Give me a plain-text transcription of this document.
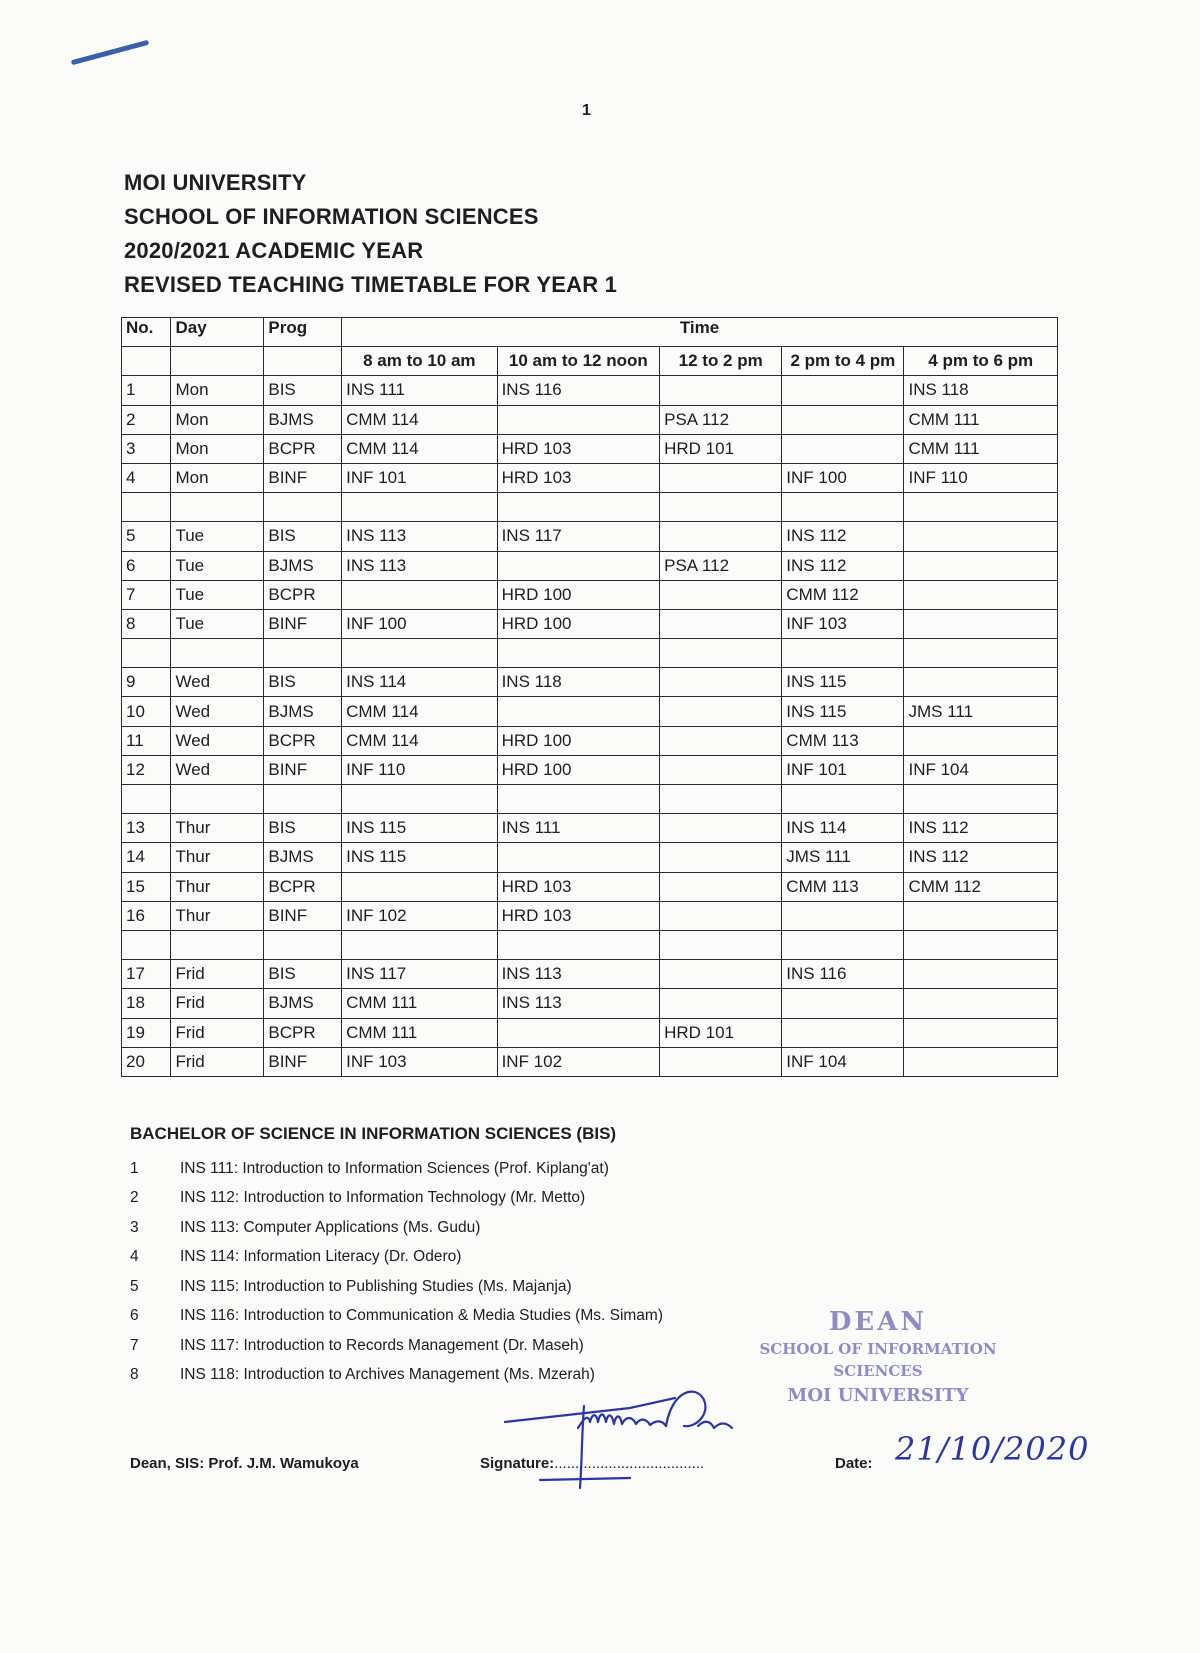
1
MOI UNIVERSITY
SCHOOL OF INFORMATION SCIENCES
2020/2021 ACADEMIC YEAR
REVISED TEACHING TIMETABLE FOR YEAR 1
No.	Day	Prog	Time				
			8 am to 10 am	10 am to 12 noon	12 to 2 pm	2 pm to 4 pm	4 pm to 6 pm
1	Mon	BIS	INS 111	INS 116			INS 118
2	Mon	BJMS	CMM 114		PSA 112		CMM 111
3	Mon	BCPR	CMM 114	HRD 103	HRD 101		CMM 111
4	Mon	BINF	INF 101	HRD 103		INF 100	INF 110

5	Tue	BIS	INS 113	INS 117		INS 112	
6	Tue	BJMS	INS 113		PSA 112	INS 112	
7	Tue	BCPR		HRD 100		CMM 112	
8	Tue	BINF	INF 100	HRD 100		INF 103	

9	Wed	BIS	INS 114	INS 118		INS 115	
10	Wed	BJMS	CMM 114			INS 115	JMS 111
11	Wed	BCPR	CMM 114	HRD 100		CMM 113	
12	Wed	BINF	INF 110	HRD 100		INF 101	INF 104

13	Thur	BIS	INS 115	INS 111		INS 114	INS 112
14	Thur	BJMS	INS 115			JMS 111	INS 112
15	Thur	BCPR		HRD 103		CMM 113	CMM 112
16	Thur	BINF	INF 102	HRD 103			

17	Frid	BIS	INS 117	INS 113		INS 116	
18	Frid	BJMS	CMM 111	INS 113			
19	Frid	BCPR	CMM 111		HRD 101		
20	Frid	BINF	INF 103	INF 102		INF 104	
BACHELOR OF SCIENCE IN INFORMATION SCIENCES (BIS)
1	INS 111: Introduction to Information Sciences (Prof. Kiplang'at)
2	INS 112: Introduction to Information Technology (Mr. Metto)
3	INS 113: Computer Applications (Ms. Gudu)
4	INS 114: Information Literacy (Dr. Odero)
5	INS 115: Introduction to Publishing Studies (Ms. Majanja)
6	INS 116: Introduction to Communication & Media Studies (Ms. Simam)
7	INS 117: Introduction to Records Management (Dr. Maseh)
8	INS 118: Introduction to Archives Management (Ms. Mzerah)
DEAN
SCHOOL OF INFORMATION
SCIENCES
MOI UNIVERSITY
Dean, SIS: Prof. J.M. Wamukoya	Signature:....................................	Date: 21/10/2020
